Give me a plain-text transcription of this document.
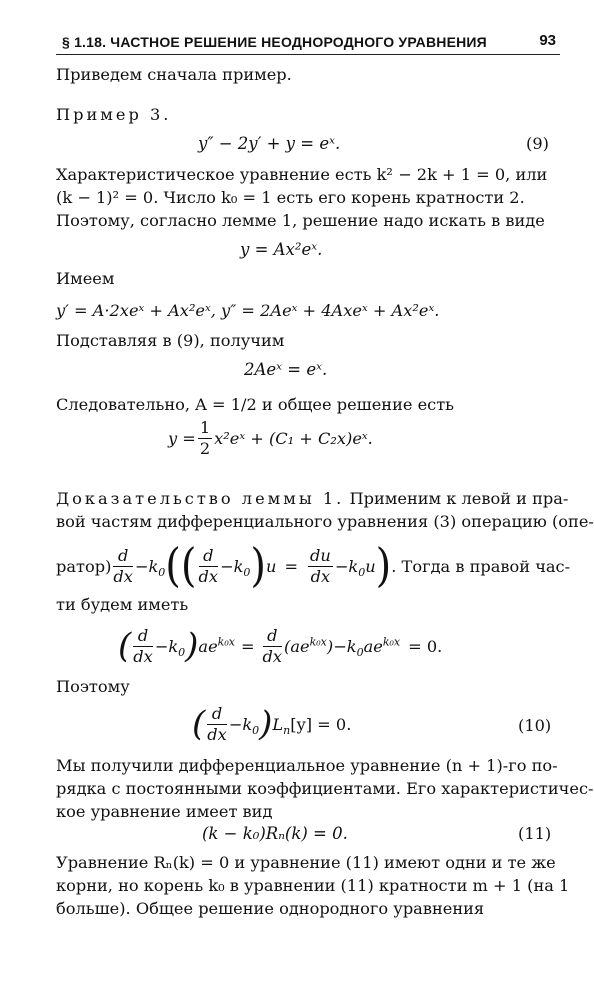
§ 1.18. ЧАСТНОЕ РЕШЕНИЕ НЕОДНОРОДНОГО УРАВНЕНИЯ	93
Приведем сначала пример.
Пример 3.
y″ − 2y′ + y = eˣ.	(9)
Характеристическое уравнение есть k² − 2k + 1 = 0, или
(k − 1)² = 0. Число k₀ = 1 есть его корень кратности 2.
Поэтому, согласно лемме 1, решение надо искать в виде
y = Ax²eˣ.
Имеем
y′ = A·2xeˣ + Ax²eˣ, y″ = 2Aeˣ + 4Axeˣ + Ax²eˣ.
Подставляя в (9), получим
2Aeˣ = eˣ.
Следовательно, A = 1/2 и общее решение есть
$y = \frac{1}{2}$ x²eˣ + (C₁ + C₂x)eˣ.
Доказательство леммы 1. Применим к левой и пра-
вой частям дифференциального уравнения (3) операцию (опе-
ратор) $\frac{d}{dx} - k_0$ (( $\frac{d}{dx} - k_0$ ) $u = \frac{du}{dx} - k_0u$ ) . Тогда в правой час-
ти будем иметь
( $\frac{d}{dx} - k_0$ ) $ae^{k_0x} = \frac{d}{dx} (ae^{k_0x}) - k_0ae^{k_0x} = 0$.
Поэтому
( $\frac{d}{dx} - k_0$ ) $L_n$ [y] = 0.	(10)
Мы получили дифференциальное уравнение (n + 1)-го по-
рядка с постоянными коэффициентами. Его характеристичес-
кое уравнение имеет вид
(k − k₀)Rₙ(k) = 0.	(11)
Уравнение Rₙ(k) = 0 и уравнение (11) имеют одни и те же
корни, но корень k₀ в уравнении (11) кратности m + 1 (на 1
больше). Общее решение однородного уравнения
